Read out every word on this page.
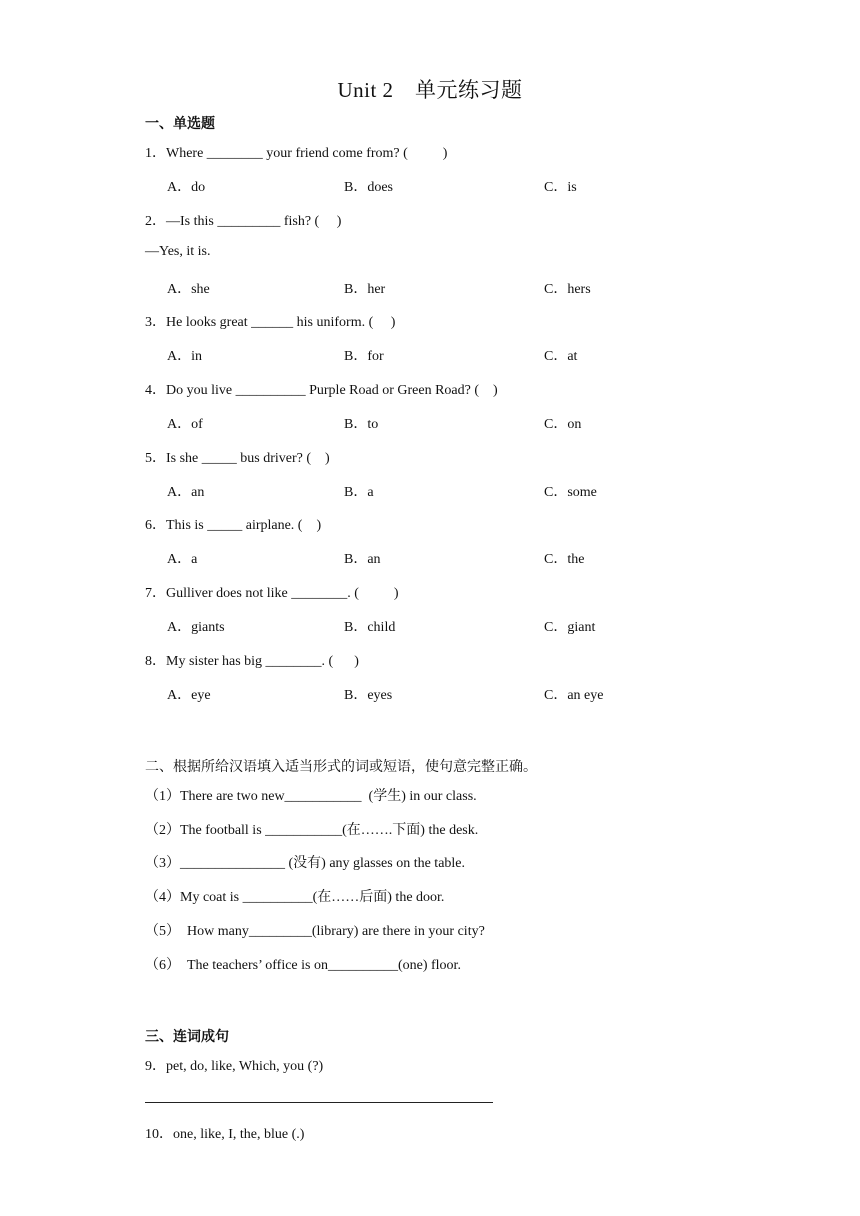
Unit 2　单元练习题
一、单选题
1．Where ________ your friend come from? (          )
A．do	B．does	C．is
2．—Is this _________ fish? (     )
—Yes, it is.
A．she	B．her	C．hers
3．He looks great ______ his uniform. (     )
A．in	B．for	C．at
4．Do you live __________ Purple Road or Green Road? (    )
A．of	B．to	C．on
5．Is she _____ bus driver? (    )
A．an	B．a	C．some
6．This is _____ airplane. (    )
A．a	B．an	C．the
7．Gulliver does not like ________. (          )
A．giants	B．child	C．giant
8．My sister has big ________. (      )
A．eye	B．eyes	C．an eye
二、根据所给汉语填入适当形式的词或短语，使句意完整正确。
（1）There are two new___________  (学生) in our class.
（2）The football is ___________(在…….下面) the desk.
（3）_______________ (没有) any glasses on the table.
（4）My coat is __________(在……后面) the door.
（5）  How many_________(library) are there in your city?
（6）  The teachers’ office is on__________(one) floor.
三、连词成句
9．pet, do, like, Which, you (?)
10．one, like, I, the, blue (.)
